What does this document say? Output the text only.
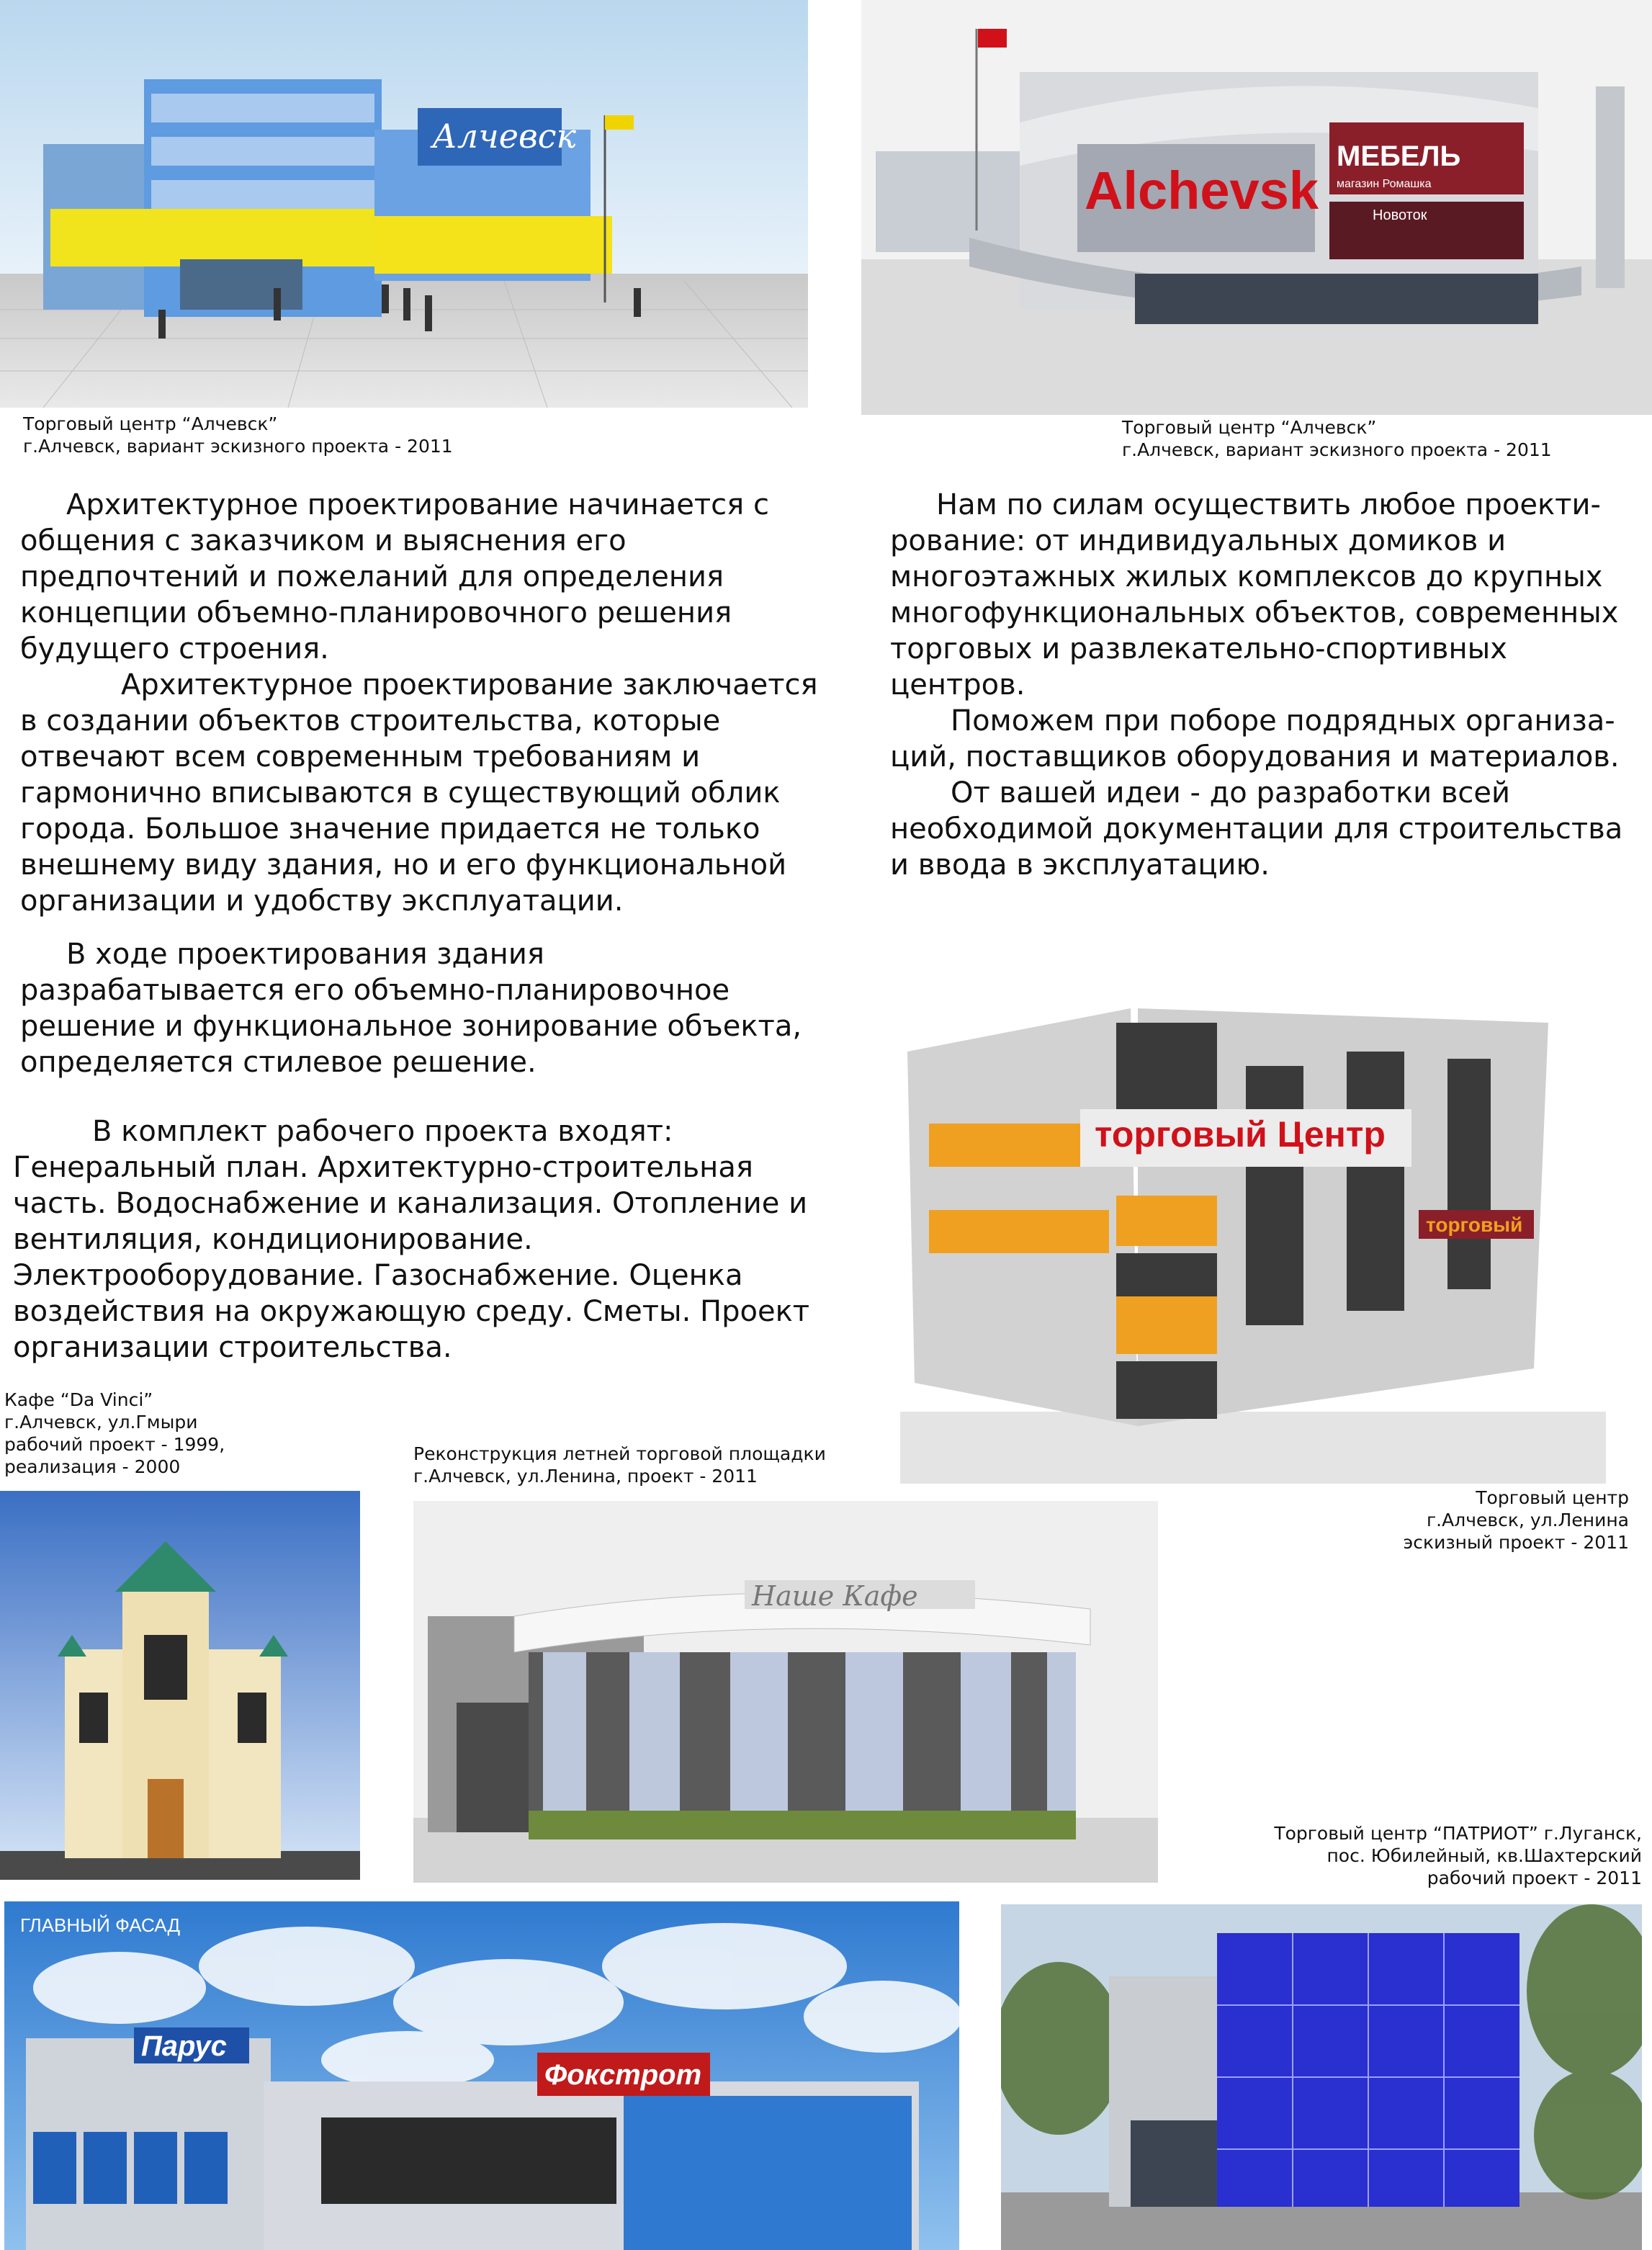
Алчевск
Alchevsk
МЕБЕЛЬ
магазин Ромашка
Новоток
Торговый центр “Алчевск”
г.Алчевск, вариант эскизного проекта - 2011
Торговый центр “Алчевск”
г.Алчевск, вариант эскизного проекта - 2011
Архитектурное проектирование начинается с
общения с заказчиком и выяснения его
предпочтений и пожеланий для определения
концепции объемно-планировочного решения
будущего строения.
Архитектурное проектирование заключается
в создании объектов строительства, которые
отвечают всем современным требованиям и
гармонично вписываются в существующий облик
города. Большое значение придается не только
внешнему виду здания, но и его функциональной
организации и удобству эксплуатации.
В ходе проектирования здания
разрабатывается его объемно-планировочное
решение и функциональное зонирование объекта,
определяется стилевое решение.
В комплект рабочего проекта входят:
Генеральный план. Архитектурно-строительная
часть. Водоснабжение и канализация. Отопление и
вентиляция, кондиционирование.
Электрооборудование. Газоснабжение. Оценка
воздействия на окружающую среду. Сметы. Проект
организации строительства.
Нам по силам осуществить любое проекти-
рование: от индивидуальных домиков и
многоэтажных жилых комплексов до крупных
многофункциональных объектов, современных
торговых и развлекательно-спортивных
центров.
Поможем при поборе подрядных организа-
ций, поставщиков оборудования и материалов.
От вашей идеи - до разработки всей
необходимой документации для строительства
и ввода в эксплуатацию.
торговый Центр
торговый
Торговый центр
г.Алчевск, ул.Ленина
эскизный проект - 2011
Кафе “Da Vinci”
г.Алчевск, ул.Гмыри
рабочий проект - 1999,
реализация - 2000
Реконструкция летней торговой площадки
г.Алчевск, ул.Ленина, проект - 2011
Наше Кафе
Торговый центр “ПАТРИОТ” г.Луганск,
пос. Юбилейный, кв.Шахтерский
рабочий проект - 2011
ГЛАВНЫЙ ФАСАД
Парус
Фокстрот
